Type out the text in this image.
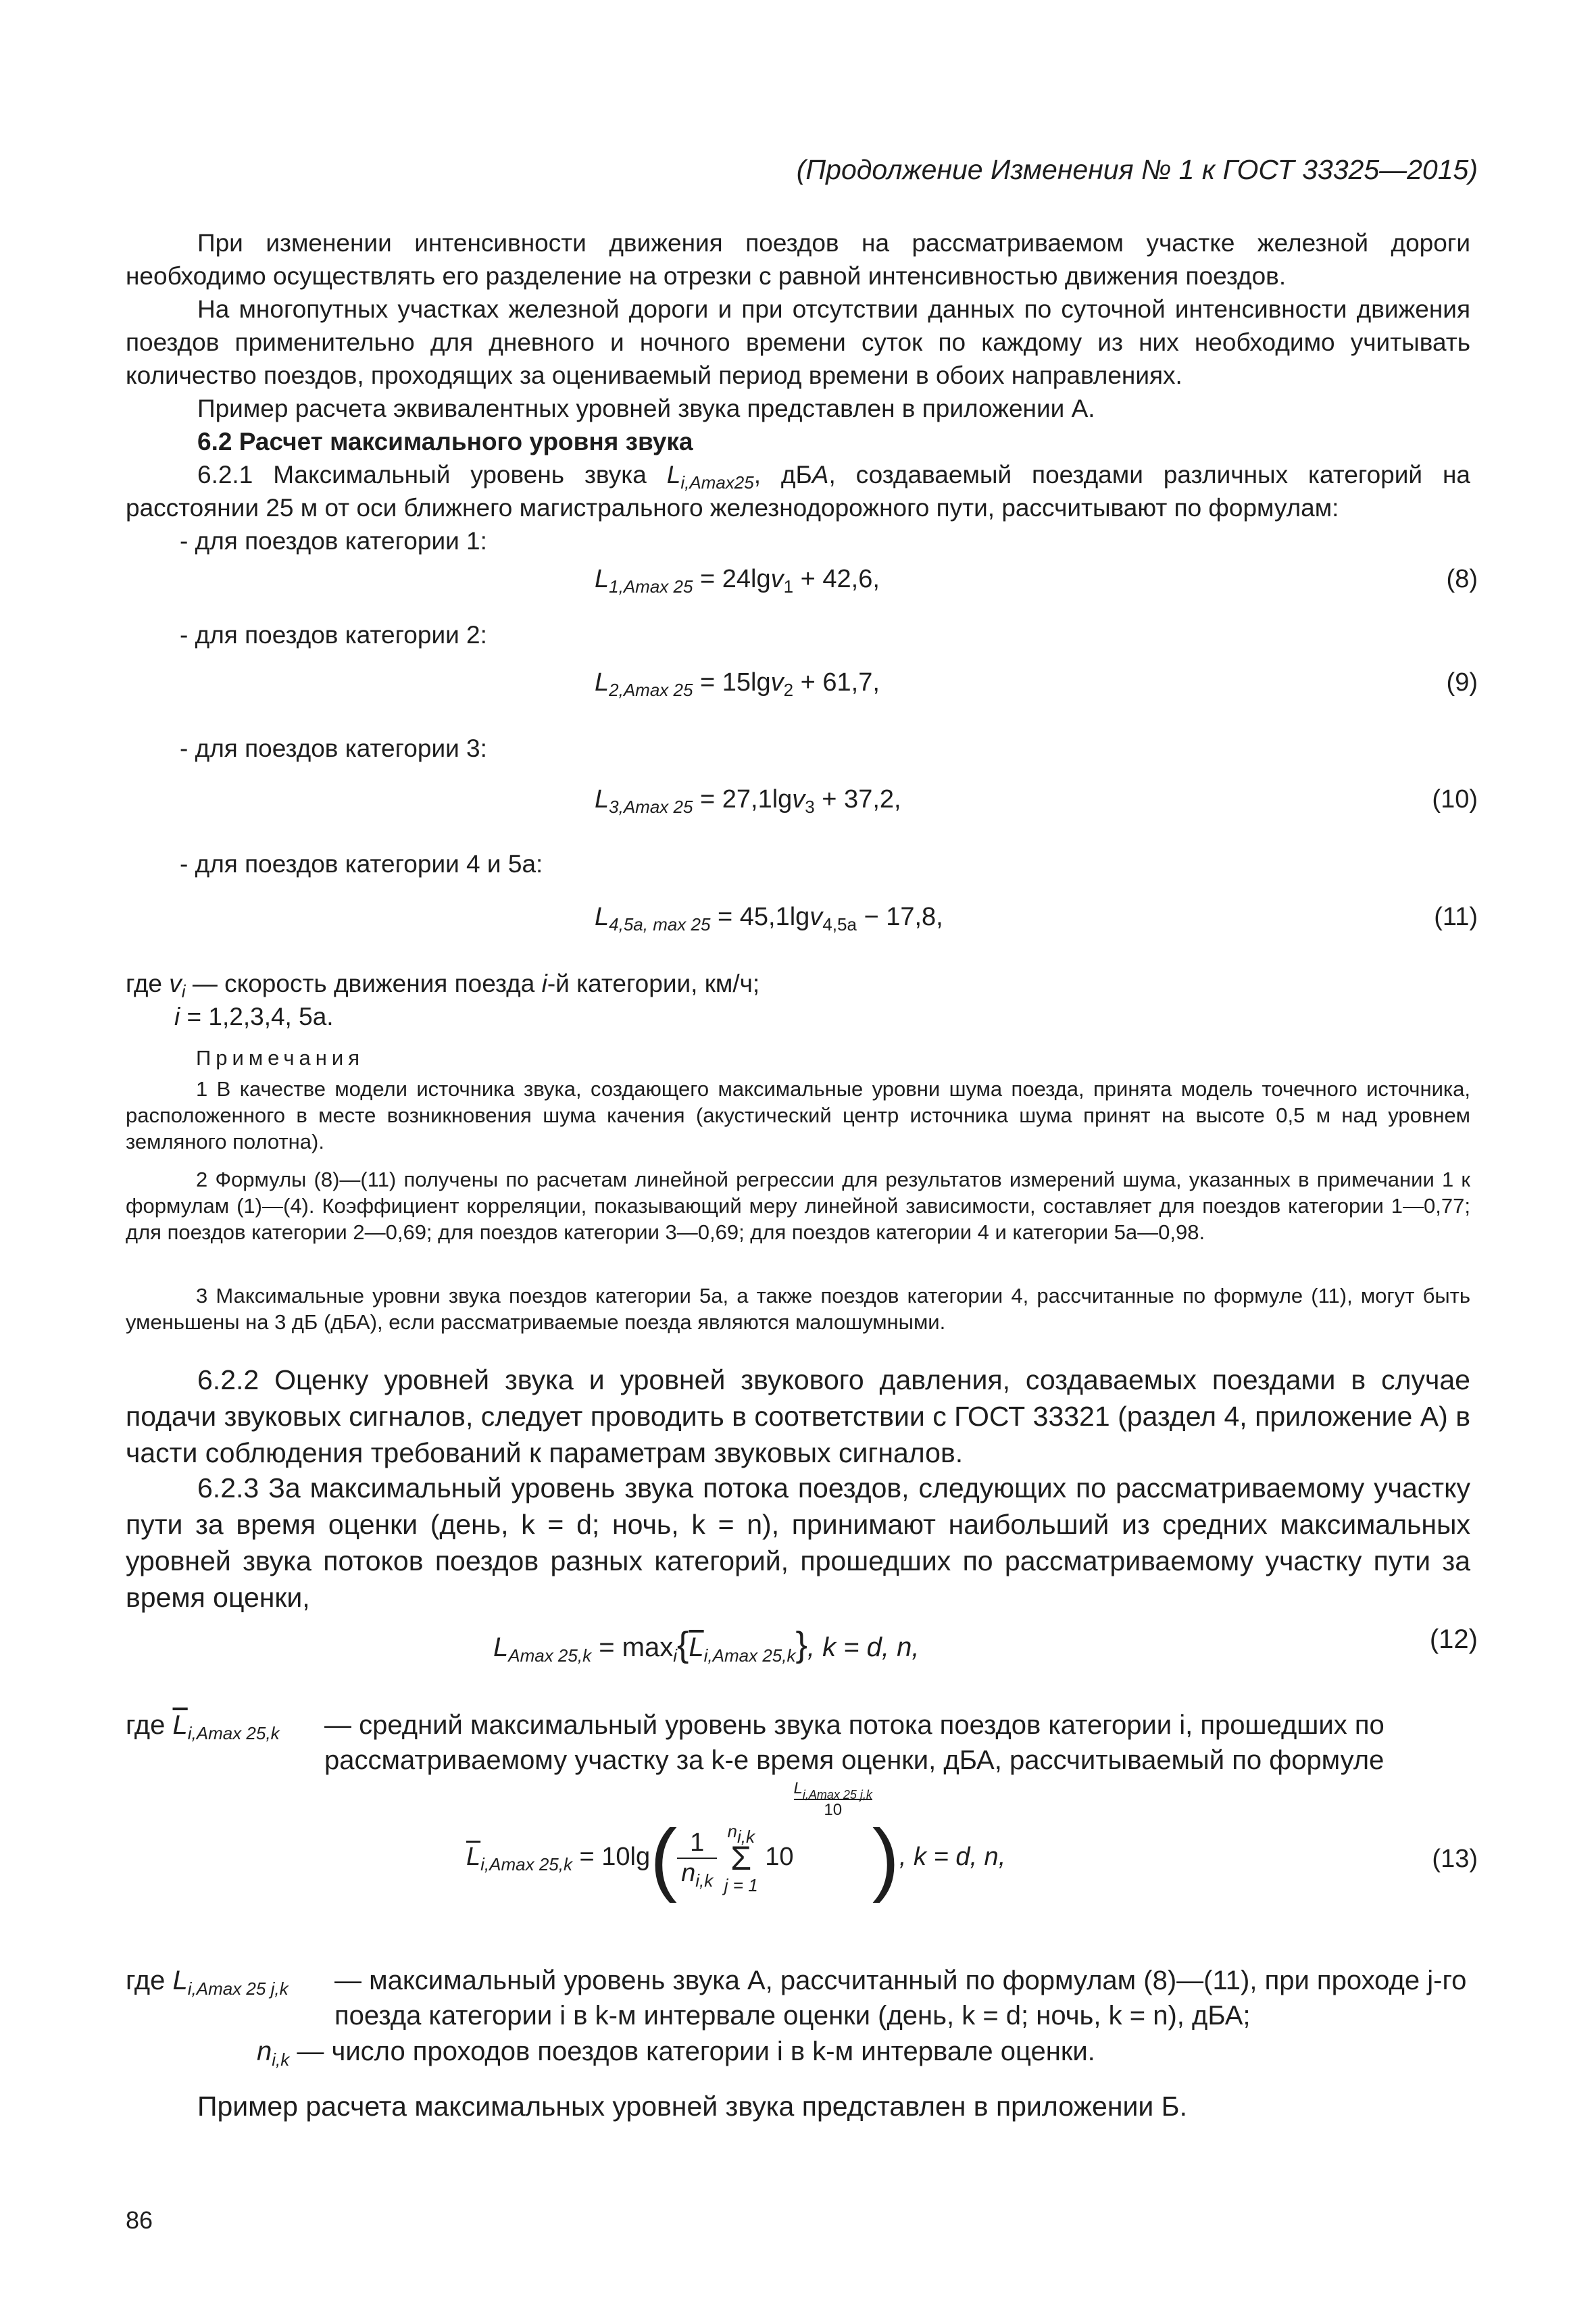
(Продолжение Изменения № 1 к ГОСТ 33325—2015)
При изменении интенсивности движения поездов на рассматриваемом участке железной дороги необходимо осуществлять его разделение на отрезки с равной интенсивностью движения поездов.
На многопутных участках железной дороги и при отсутствии данных по суточной интенсивности движения поездов применительно для дневного и ночного времени суток по каждому из них необходимо учитывать количество поездов, проходящих за оцениваемый период времени в обоих направлениях.
Пример расчета эквивалентных уровней звука представлен в приложении А.
6.2 Расчет максимального уровня звука
6.2.1 Максимальный уровень звука $L_{i,Amax25}$, дБA, создаваемый поездами различных категорий на расстоянии 25 м от оси ближнего магистрального железнодорожного пути, рассчитывают по формулам:
- для поездов категории 1:
$L_{1,Amax 25} = 24\lg v_1 + 42,6$,	(8)
- для поездов категории 2:
$L_{2,Amax 25} = 15\lg v_2 + 61,7$,	(9)
- для поездов категории 3:
$L_{3,Amax 25} = 27,1\lg v_3 + 37,2$,	(10)
- для поездов категории 4 и 5а:
$L_{4,5a, max 25} = 45,1\lg v_{4,5a} - 17,8$,	(11)
где $v_i$ — скорость движения поезда i-й категории, км/ч;
i = 1,2,3,4, 5а.
Примечания
1 В качестве модели источника звука, создающего максимальные уровни шума поезда, принята модель точечного источника, расположенного в месте возникновения шума качения (акустический центр источника шума принят на высоте 0,5 м над уровнем земляного полотна).
2 Формулы (8)—(11) получены по расчетам линейной регрессии для результатов измерений шума, указанных в примечании 1 к формулам (1)—(4). Коэффициент корреляции, показывающий меру линейной зависимости, составляет для поездов категории 1—0,77; для поездов категории 2—0,69; для поездов категории 3—0,69; для поездов категории 4 и категории 5а—0,98.
3 Максимальные уровни звука поездов категории 5а, а также поездов категории 4, рассчитанные по формуле (11), могут быть уменьшены на 3 дБ (дБА), если рассматриваемые поезда являются малошумными.
6.2.2 Оценку уровней звука и уровней звукового давления, создаваемых поездами в случае подачи звуковых сигналов, следует проводить в соответствии с ГОСТ 33321 (раздел 4, приложение А) в части соблюдения требований к параметрам звуковых сигналов.
6.2.3 За максимальный уровень звука потока поездов, следующих по рассматриваемому участку пути за время оценки (день, k = d; ночь, k = n), принимают наибольший из средних максимальных уровней звука потоков поездов разных категорий, прошедших по рассматриваемому участку пути за время оценки,
$L_{Amax 25,k} = \max_i\{\overline{L}_{i,Amax 25,k}\}$, k = d, n,	(12)
где $\overline{L}_{i,Amax 25,k}$ — средний максимальный уровень звука потока поездов категории i, прошедших по рассматриваемому участку за k-е время оценки, дБА, рассчитываемый по формуле
$\overline{L}_{i,Amax 25,k} = 10\lg( \frac{1}{n_{i,k}} n_{i,k}$
Σ
j = 1 10
$L_{i,Amax 25 j,k}$
10), k = d, n,	(13)
где $L_{i,Amax 25 j,k}$ — максимальный уровень звука А, рассчитанный по формулам (8)—(11), при проходе j-го поезда категории i в k-м интервале оценки (день, k = d; ночь, k = n), дБА;
$n_{i,k}$ — число проходов поездов категории i в k-м интервале оценки.
Пример расчета максимальных уровней звука представлен в приложении Б.
86
